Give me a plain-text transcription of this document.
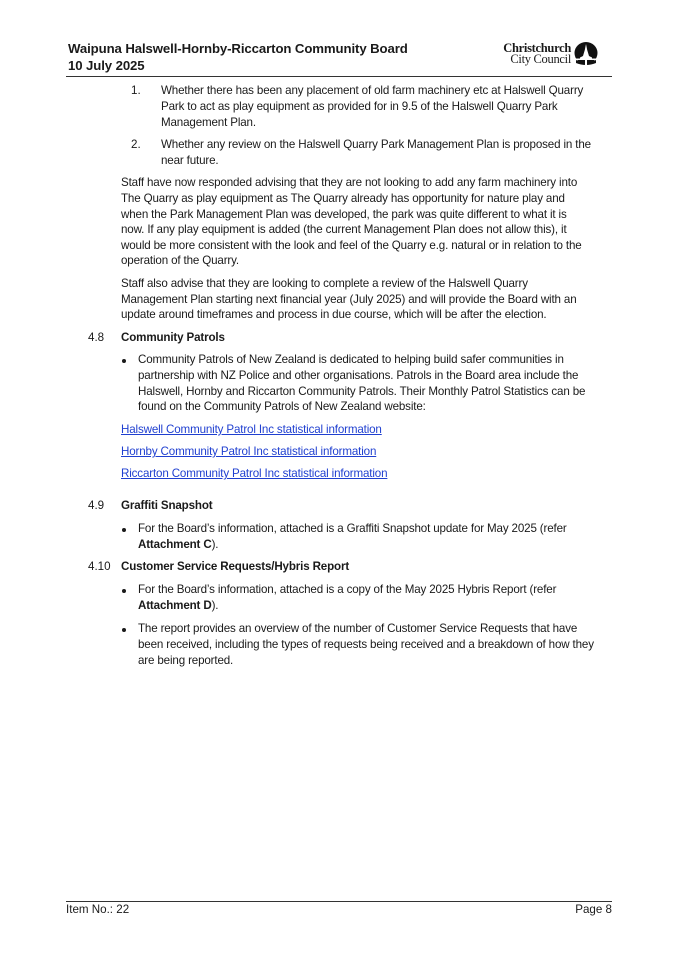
Waipuna Halswell-Hornby-Riccarton Community Board
10 July 2025
Christchurch
City Council
1. Whether there has been any placement of old farm machinery etc at Halswell Quarry
Park to act as play equipment as provided for in 9.5 of the Halswell Quarry Park
Management Plan.
2. Whether any review on the Halswell Quarry Park Management Plan is proposed in the
near future.
Staff have now responded advising that they are not looking to add any farm machinery into
The Quarry as play equipment as The Quarry already has opportunity for nature play and
when the Park Management Plan was developed, the park was quite different to what it is
now. If any play equipment is added (the current Management Plan does not allow this), it
would be more consistent with the look and feel of the Quarry e.g. natural or in relation to the
operation of the Quarry.
Staff also advise that they are looking to complete a review of the Halswell Quarry
Management Plan starting next financial year (July 2025) and will provide the Board with an
update around timeframes and process in due course, which will be after the election.
4.8 Community Patrols
Community Patrols of New Zealand is dedicated to helping build safer communities in
partnership with NZ Police and other organisations. Patrols in the Board area include the
Halswell, Hornby and Riccarton Community Patrols. Their Monthly Patrol Statistics can be
found on the Community Patrols of New Zealand website:
Halswell Community Patrol Inc statistical information
Hornby Community Patrol Inc statistical information
Riccarton Community Patrol Inc statistical information
4.9 Graffiti Snapshot
For the Board’s information, attached is a Graffiti Snapshot update for May 2025 (refer
Attachment C).
4.10 Customer Service Requests/Hybris Report
For the Board’s information, attached is a copy of the May 2025 Hybris Report (refer
Attachment D).
The report provides an overview of the number of Customer Service Requests that have
been received, including the types of requests being received and a breakdown of how they
are being reported.
Item No.: 22	Page 8
